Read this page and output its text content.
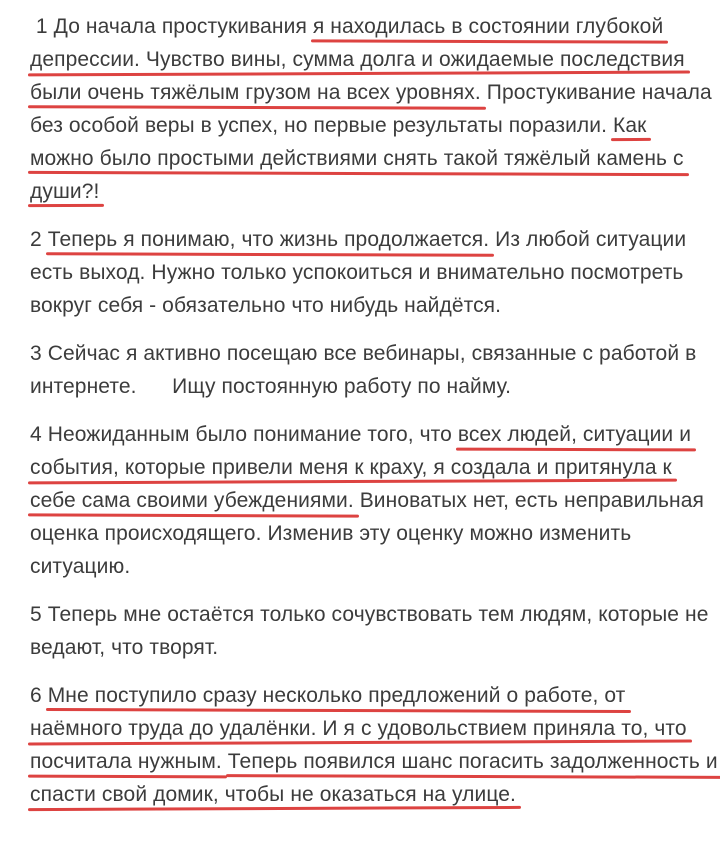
1 До начала простукивания я находилась в состоянии глубокой
депрессии. Чувство вины, сумма долга и ожидаемые последствия
были очень тяжёлым грузом на всех уровнях. Простукивание начала
без особой веры в успех, но первые результаты поразили. Как
можно было простыми действиями снять такой тяжёлый камень с
души?!
2 Теперь я понимаю, что жизнь продолжается. Из любой ситуации
есть выход. Нужно только успокоиться и внимательно посмотреть
вокруг себя - обязательно что нибудь найдётся.
3 Сейчас я активно посещаю все вебинары, связанные с работой в
интернете.      Ищу постоянную работу по найму.
4 Неожиданным было понимание того, что всех людей, ситуации и
события, которые привели меня к краху, я создала и притянула к
себе сама своими убеждениями. Виноватых нет, есть неправильная
оценка происходящего. Изменив эту оценку можно изменить
ситуацию.
5 Теперь мне остаётся только сочувствовать тем людям, которые не
ведают, что творят.
6 Мне поступило сразу несколько предложений о работе, от
наёмного труда до удалёнки. И я с удовольствием приняла то, что
посчитала нужным. Теперь появился шанс погасить задолженность и
спасти свой домик, чтобы не оказаться на улице.
